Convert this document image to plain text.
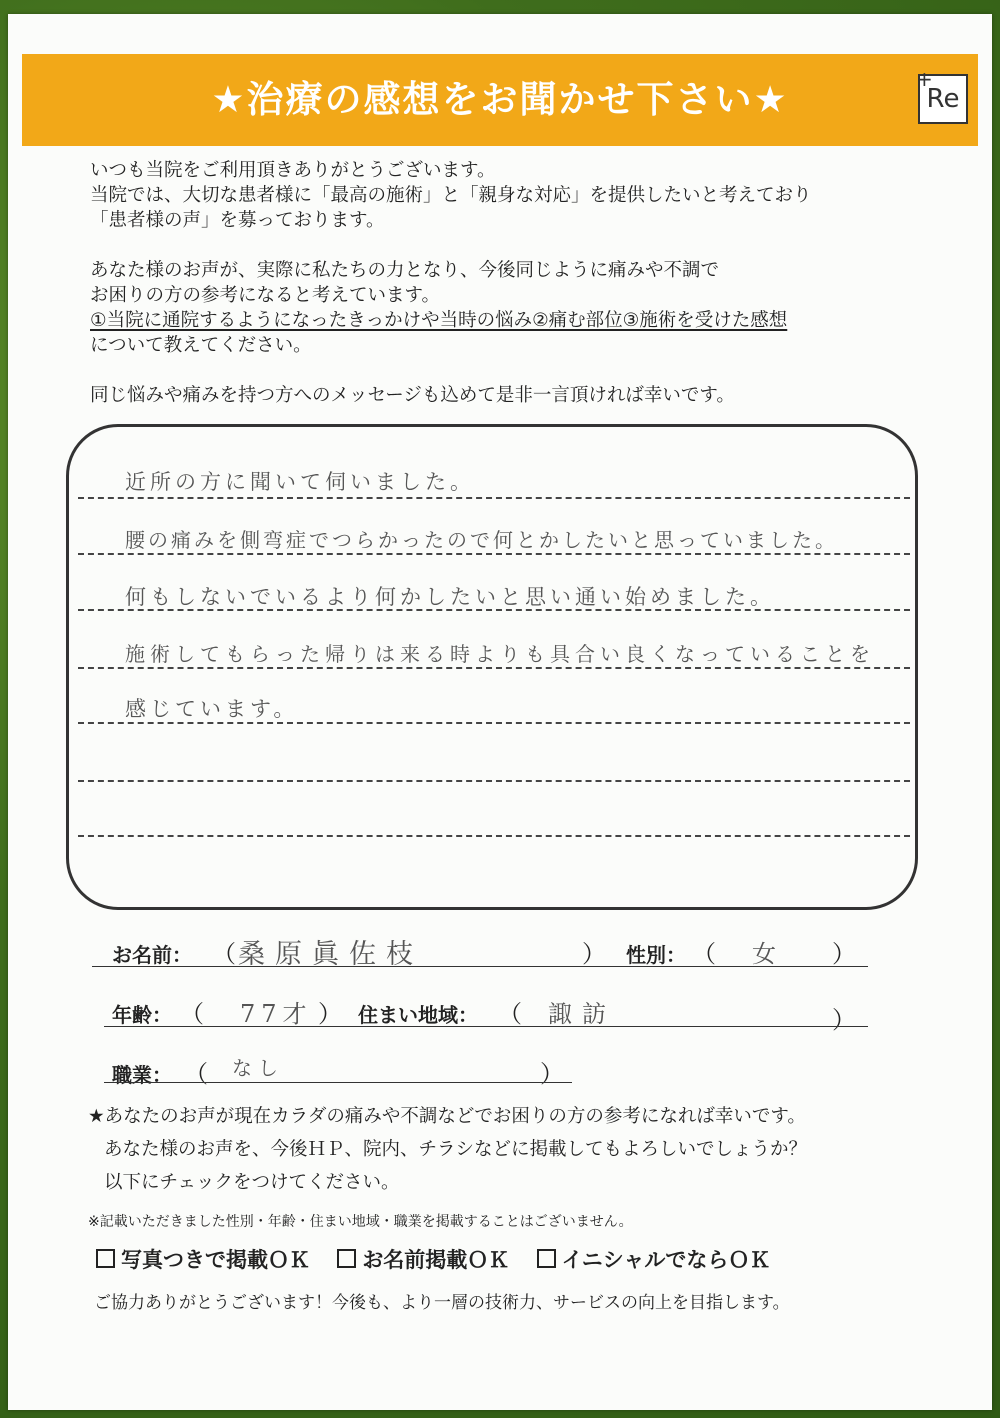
★治療の感想をお聞かせ下さい★	+
Re

いつも当院をご利用頂きありがとうございます。

当院では、大切な患者様に「最高の施術」と「親身な対応」を提供したいと考えており

「患者様の声」を募っております。

あなた様のお声が、実際に私たちの力となり、今後同じように痛みや不調で

お困りの方の参考になると考えています。

①当院に通院するようになったきっかけや当時の悩み②痛む部位③施術を受けた感想

について教えてください。

同じ悩みや痛みを持つ方へのメッセージも込めて是非一言頂ければ幸いです。

近所の方に聞いて伺いました。
腰の痛みを側弯症でつらかったので何とかしたいと思っていました。
何もしないでいるより何かしたいと思い通い始めました。
施術してもらった帰りは来る時よりも具合い良くなっていることを
感じています。
お名前： （ 桑原眞佐枝	） 性別： （ 女 ）
年齢： （ 77才 ） 住まい地域： （ 諏訪	）
職業： （ なし	）

★あなたのお声が現在カラダの痛みや不調などでお困りの方の参考になれば幸いです。

あなた様のお声を、今後ＨＰ、院内、チラシなどに掲載してもよろしいでしょうか？

以下にチェックをつけてください。

※記載いただきました性別・年齢・住まい地域・職業を掲載することはございません。
写真つきで掲載ＯＫ お名前掲載ＯＫ イニシャルでならＯＫ
ご協力ありがとうございます！今後も、より一層の技術力、サービスの向上を目指します。
